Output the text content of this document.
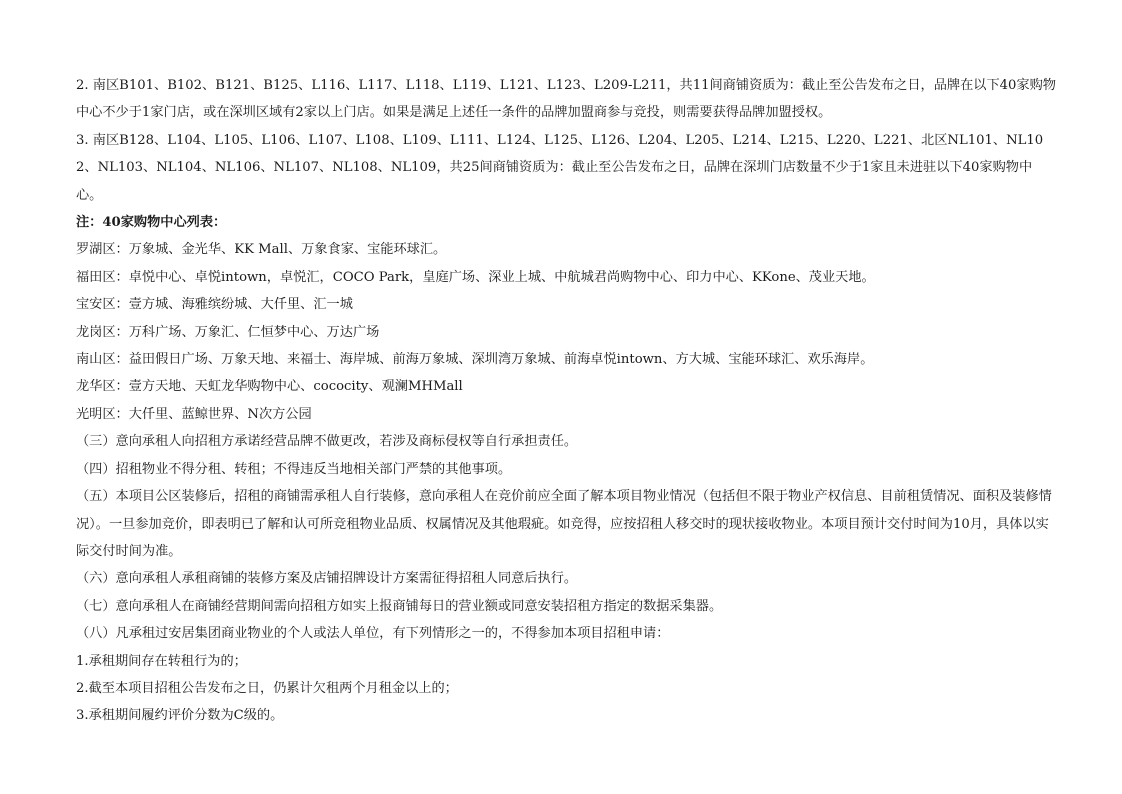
2. 南区B101、B102、B121、B125、L116、L117、L118、L119、L121、L123、L209-L211，共11间商铺资质为：截止至公告发布之日，品牌在以下40家购物中心不少于1家门店，或在深圳区域有2家以上门店。如果是满足上述任一条件的品牌加盟商参与竞投，则需要获得品牌加盟授权。

3. 南区B128、L104、L105、L106、L107、L108、L109、L111、L124、L125、L126、L204、L205、L214、L215、L220、L221、北区NL101、NL102、NL103、NL104、NL106、NL107、NL108、NL109，共25间商铺资质为：截止至公告发布之日，品牌在深圳门店数量不少于1家且未进驻以下40家购物中心。

注：40家购物中心列表：

罗湖区：万象城、金光华、KK Mall、万象食家、宝能环球汇。

福田区：卓悦中心、卓悦intown，卓悦汇，COCO Park，皇庭广场、深业上城、中航城君尚购物中心、印力中心、KKone、茂业天地。

宝安区：壹方城、海雅缤纷城、大仟里、汇一城

龙岗区：万科广场、万象汇、仁恒梦中心、万达广场

南山区：益田假日广场、万象天地、来福士、海岸城、前海万象城、深圳湾万象城、前海卓悦intown、方大城、宝能环球汇、欢乐海岸。

龙华区：壹方天地、天虹龙华购物中心、cococity、观澜MHMall

光明区：大仟里、蓝鲸世界、N次方公园

（三）意向承租人向招租方承诺经营品牌不做更改，若涉及商标侵权等自行承担责任。

（四）招租物业不得分租、转租；不得违反当地相关部门严禁的其他事项。

（五）本项目公区装修后，招租的商铺需承租人自行装修，意向承租人在竞价前应全面了解本项目物业情况（包括但不限于物业产权信息、目前租赁情况、面积及装修情况）。一旦参加竞价，即表明已了解和认可所竞租物业品质、权属情况及其他瑕疵。如竞得，应按招租人移交时的现状接收物业。本项目预计交付时间为10月，具体以实际交付时间为准。

（六）意向承租人承租商铺的装修方案及店铺招牌设计方案需征得招租人同意后执行。

（七）意向承租人在商铺经营期间需向招租方如实上报商铺每日的营业额或同意安装招租方指定的数据采集器。

（八）凡承租过安居集团商业物业的个人或法人单位，有下列情形之一的，不得参加本项目招租申请：

1.承租期间存在转租行为的；

2.截至本项目招租公告发布之日，仍累计欠租两个月租金以上的；

3.承租期间履约评价分数为C级的。
